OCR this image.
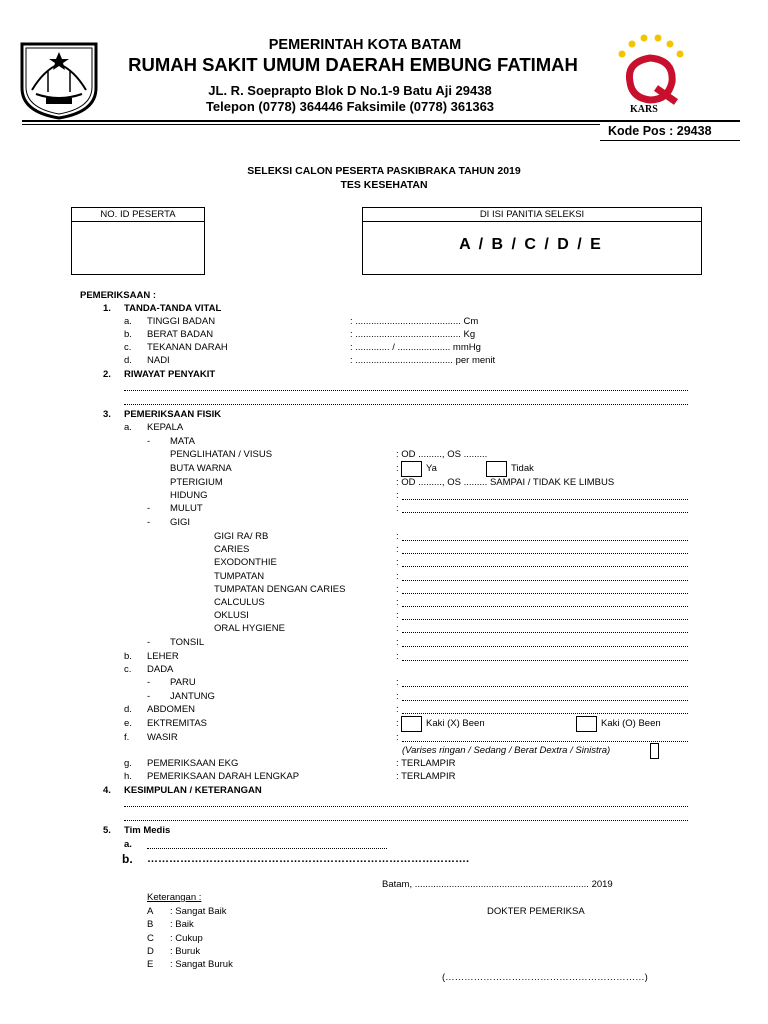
PEMERINTAH KOTA BATAM
RUMAH SAKIT UMUM DAERAH EMBUNG FATIMAH
JL. R. Soeprapto Blok D No.1-9 Batu Aji 29438
Telepon (0778) 364446 Faksimile (0778) 361363	KARS
Kode Pos : 29438
SELEKSI CALON PESERTA PASKIBRAKA TAHUN 2019
TES KESEHATAN
NO. ID PESERTA	DI ISI PANITIA SELEKSI
A / B / C / D / E
PEMERIKSAAN :
1. TANDA-TANDA VITAL
a. TINGGI BADAN	: ........................................ Cm
b. BERAT BADAN	: ........................................ Kg
c. TEKANAN DARAH	: ............. / .................... mmHg
d. NADI	: ..................................... per menit
2. RIWAYAT PENYAKIT
3. PEMERIKSAAN FISIK
a. KEPALA
- MATA
PENGLIHATAN / VISUS	: OD ........., OS .........
BUTA WARNA	:	Ya	Tidak
PTERIGIUM	: OD ........., OS ......... SAMPAI / TIDAK KE LIMBUS
HIDUNG	:
- MULUT	:
- GIGI
GIGI RA/ RB	:
CARIES	:
EXODONTHIE	:
TUMPATAN	:
TUMPATAN DENGAN CARIES	:
CALCULUS	:
OKLUSI	:
ORAL HYGIENE	:
- TONSIL	:
b. LEHER	:
c. DADA
- PARU	:
- JANTUNG	:
d. ABDOMEN	:
e. EKTREMITAS	:	Kaki (X) Been	Kaki (O) Been
f. WASIR	:
(Varises ringan / Sedang / Berat Dextra / Sinistra)
g. PEMERIKSAAN EKG	: TERLAMPIR
h. PEMERIKSAAN DARAH LENGKAP	: TERLAMPIR
4. KESIMPULAN / KETERANGAN
5. Tim Medis
a.
b. …………………………………………………………………………….
Batam, .................................................................. 2019
Keterangan :
DOKTER PEMERIKSA
A : Sangat Baik
B : Baik
C : Cukup
D : Buruk
E : Sangat Buruk
(………………………………………………………)
